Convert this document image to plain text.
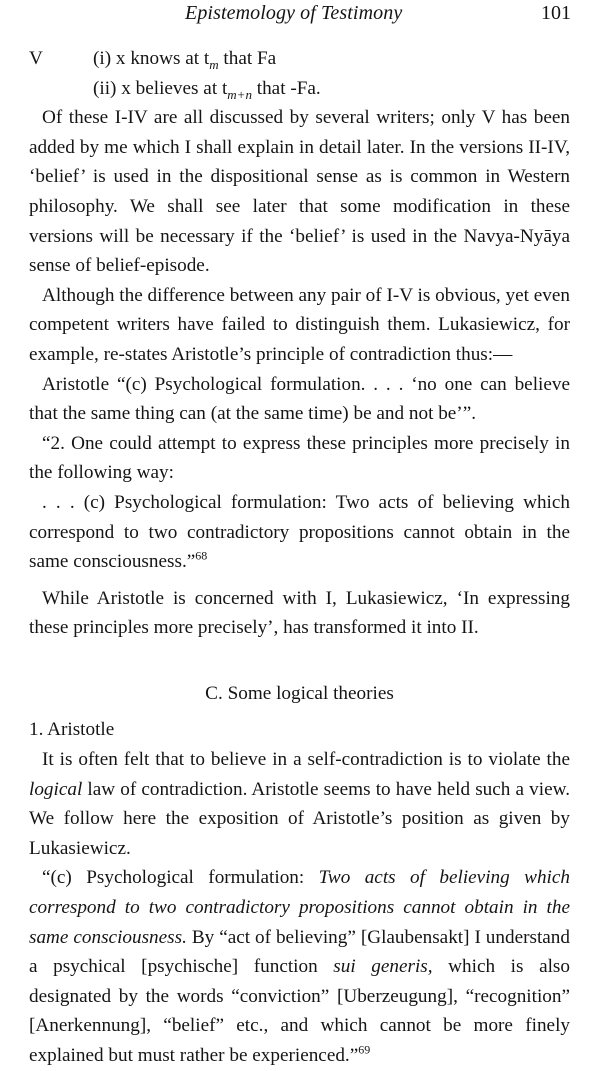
Epistemology of Testimony	101
V	(i) x knows at $t_m$ that Fa
(ii) x believes at $t_{m+n}$ that -Fa.

Of these I-IV are all discussed by several writers; only V has been added by me which I shall explain in detail later. In the versions II-IV, ‘belief’ is used in the dispositional sense as is common in Western philosophy. We shall see later that some modification in these versions will be necessary if the ‘belief’ is used in the Navya-Nyāya sense of belief-episode.

Although the difference between any pair of I-V is obvious, yet even competent writers have failed to distinguish them. Lukasiewicz, for example, re-states Aristotle’s principle of contradiction thus:—

Aristotle “(c) Psychological formulation. . . . ‘no one can believe that the same thing can (at the same time) be and not be’”.

“2. One could attempt to express these principles more precisely in the following way:

. . . (c) Psychological formulation: Two acts of believing which correspond to two contradictory propositions cannot obtain in the same consciousness.”$^{68}$

While Aristotle is concerned with I, Lukasiewicz, ‘In expressing these principles more precisely’, has transformed it into II.

C. Some logical theories

1. Aristotle

It is often felt that to believe in a self-contradiction is to violate the logical law of contradiction. Aristotle seems to have held such a view. We follow here the exposition of Aristotle’s position as given by Lukasiewicz.

“(c) Psychological formulation: Two acts of believing which correspond to two contradictory propositions cannot obtain in the same consciousness. By “act of believing” [Glaubensakt] I understand a psychical [psychische] function sui generis, which is also designated by the words “conviction” [Uberzeugung], “recognition” [Anerkennung], “belief” etc., and which cannot be more finely explained but must rather be experienced.”$^{69}$
